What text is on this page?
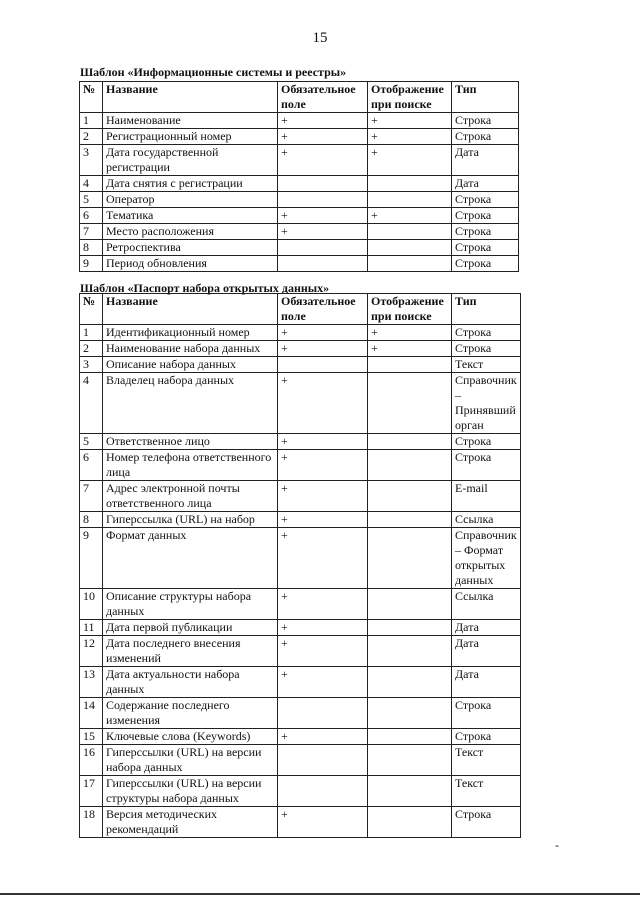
15
Шаблон «Информационные системы и реестры»
№	Название	Обязательное поле	Отображение при поиске	Тип
1	Наименование	+	+	Строка
2	Регистрационный номер	+	+	Строка
3	Дата государственной регистрации	+	+	Дата
4	Дата снятия с регистрации			Дата
5	Оператор			Строка
6	Тематика	+	+	Строка
7	Место расположения	+		Строка
8	Ретроспектива			Строка
9	Период обновления			Строка
Шаблон «Паспорт набора открытых данных»
№	Название	Обязательное поле	Отображение при поиске	Тип
1	Идентификационный номер	+	+	Строка
2	Наименование набора данных	+	+	Строка
3	Описание набора данных			Текст
4	Владелец набора данных	+		Справочник – Принявший орган
5	Ответственное лицо	+		Строка
6	Номер телефона ответственного лица	+		Строка
7	Адрес электронной почты ответственного лица	+		E-mail
8	Гиперссылка (URL) на набор	+		Ссылка
9	Формат данных	+		Справочник – Формат открытых данных
10	Описание структуры набора данных	+		Ссылка
11	Дата первой публикации	+		Дата
12	Дата последнего внесения изменений	+		Дата
13	Дата актуальности набора данных	+		Дата
14	Содержание последнего изменения			Строка
15	Ключевые слова (Keywords)	+		Строка
16	Гиперссылки (URL) на версии набора данных			Текст
17	Гиперссылки (URL) на версии структуры набора данных			Текст
18	Версия методических рекомендаций	+		Строка
-
